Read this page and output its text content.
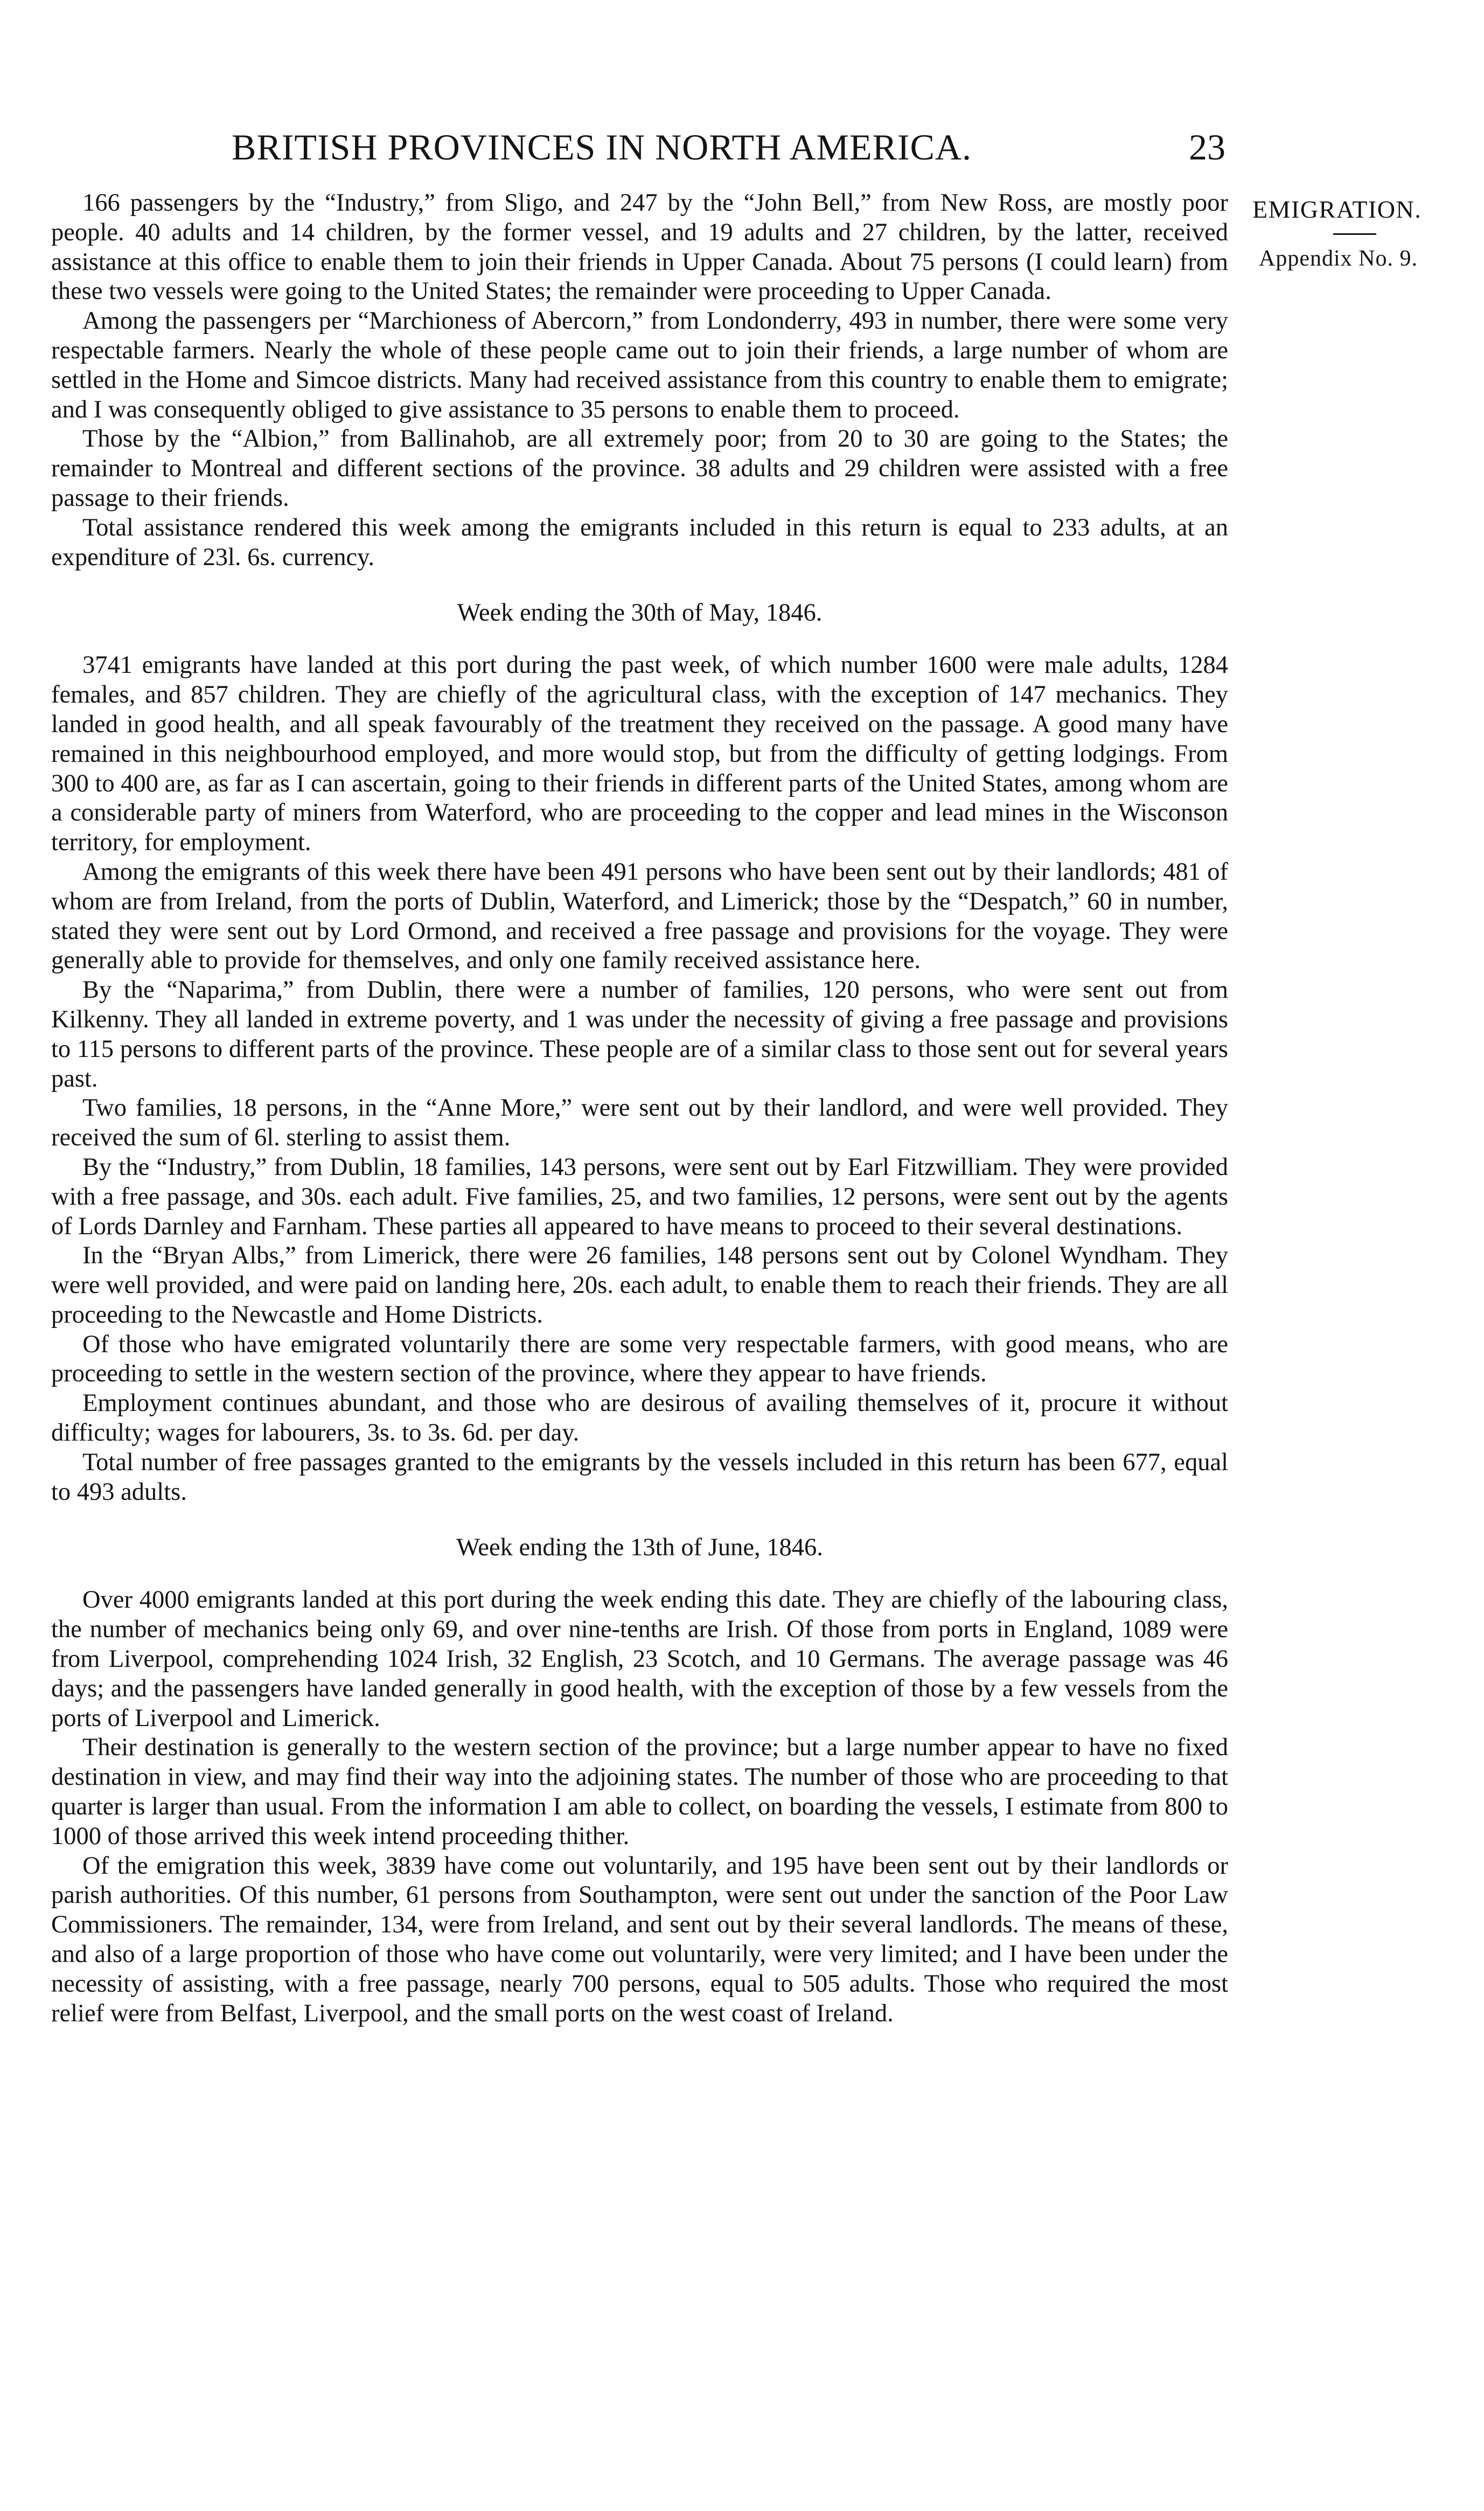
BRITISH PROVINCES IN NORTH AMERICA.	23
EMIGRATION.
Appendix No. 9.

166 passengers by the “Industry,” from Sligo, and 247 by the “John Bell,” from New Ross, are mostly poor people. 40 adults and 14 children, by the former vessel, and 19 adults and 27 children, by the latter, received assistance at this office to enable them to join their friends in Upper Canada. About 75 persons (I could learn) from these two vessels were going to the United States; the remainder were proceeding to Upper Canada.

Among the passengers per “Marchioness of Abercorn,” from Londonderry, 493 in number, there were some very respectable farmers. Nearly the whole of these people came out to join their friends, a large number of whom are settled in the Home and Simcoe districts. Many had received assistance from this country to enable them to emigrate; and I was consequently obliged to give assistance to 35 persons to enable them to proceed.

Those by the “Albion,” from Ballinahob, are all extremely poor; from 20 to 30 are going to the States; the remainder to Montreal and different sections of the province. 38 adults and 29 children were assisted with a free passage to their friends.

Total assistance rendered this week among the emigrants included in this return is equal to 233 adults, at an expenditure of 23l. 6s. currency.

Week ending the 30th of May, 1846.

3741 emigrants have landed at this port during the past week, of which number 1600 were male adults, 1284 females, and 857 children. They are chiefly of the agricultural class, with the exception of 147 mechanics. They landed in good health, and all speak favourably of the treatment they received on the passage. A good many have remained in this neighbourhood employed, and more would stop, but from the difficulty of getting lodgings. From 300 to 400 are, as far as I can ascertain, going to their friends in different parts of the United States, among whom are a considerable party of miners from Waterford, who are proceeding to the copper and lead mines in the Wisconson territory, for employment.

Among the emigrants of this week there have been 491 persons who have been sent out by their landlords; 481 of whom are from Ireland, from the ports of Dublin, Waterford, and Limerick; those by the “Despatch,” 60 in number, stated they were sent out by Lord Ormond, and received a free passage and provisions for the voyage. They were generally able to provide for themselves, and only one family received assistance here.

By the “Naparima,” from Dublin, there were a number of families, 120 persons, who were sent out from Kilkenny. They all landed in extreme poverty, and 1 was under the necessity of giving a free passage and provisions to 115 persons to different parts of the province. These people are of a similar class to those sent out for several years past.

Two families, 18 persons, in the “Anne More,” were sent out by their landlord, and were well provided. They received the sum of 6l. sterling to assist them.

By the “Industry,” from Dublin, 18 families, 143 persons, were sent out by Earl Fitzwilliam. They were provided with a free passage, and 30s. each adult. Five families, 25, and two families, 12 persons, were sent out by the agents of Lords Darnley and Farnham. These parties all appeared to have means to proceed to their several destinations.

In the “Bryan Albs,” from Limerick, there were 26 families, 148 persons sent out by Colonel Wyndham. They were well provided, and were paid on landing here, 20s. each adult, to enable them to reach their friends. They are all proceeding to the Newcastle and Home Districts.

Of those who have emigrated voluntarily there are some very respectable farmers, with good means, who are proceeding to settle in the western section of the province, where they appear to have friends.

Employment continues abundant, and those who are desirous of availing themselves of it, procure it without difficulty; wages for labourers, 3s. to 3s. 6d. per day.

Total number of free passages granted to the emigrants by the vessels included in this return has been 677, equal to 493 adults.

Week ending the 13th of June, 1846.

Over 4000 emigrants landed at this port during the week ending this date. They are chiefly of the labouring class, the number of mechanics being only 69, and over nine-tenths are Irish. Of those from ports in England, 1089 were from Liverpool, comprehending 1024 Irish, 32 English, 23 Scotch, and 10 Germans. The average passage was 46 days; and the passengers have landed generally in good health, with the exception of those by a few vessels from the ports of Liverpool and Limerick.

Their destination is generally to the western section of the province; but a large number appear to have no fixed destination in view, and may find their way into the adjoining states. The number of those who are proceeding to that quarter is larger than usual. From the information I am able to collect, on boarding the vessels, I estimate from 800 to 1000 of those arrived this week intend proceeding thither.

Of the emigration this week, 3839 have come out voluntarily, and 195 have been sent out by their landlords or parish authorities. Of this number, 61 persons from Southampton, were sent out under the sanction of the Poor Law Commissioners. The remainder, 134, were from Ireland, and sent out by their several landlords. The means of these, and also of a large proportion of those who have come out voluntarily, were very limited; and I have been under the necessity of assisting, with a free passage, nearly 700 persons, equal to 505 adults. Those who required the most relief were from Belfast, Liverpool, and the small ports on the west coast of Ireland.
